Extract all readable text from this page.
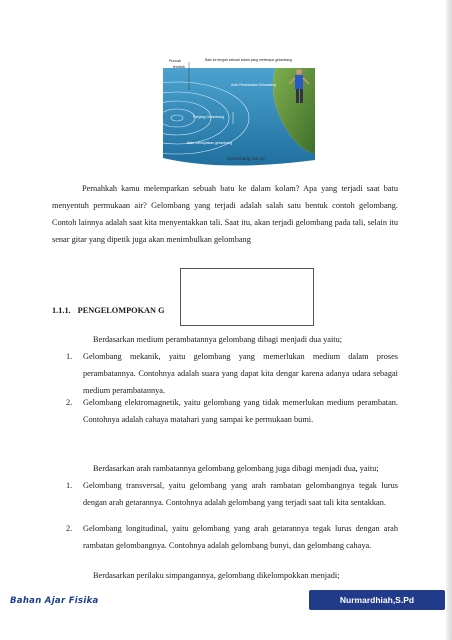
Puncak
lembah
Batu ke tengah sebuah kolam yang melempar gelombang
Arah Perambatan Gelombang
Panjang Gelombang
Batu menciptakan gelombang
Gelombang riak air
Pernahkah kamu melemparkan sebuah batu ke dalam kolam? Apa yang terjadi saat batu menyentuh permukaan air? Gelombang yang terjadi adalah salah satu bentuk contoh gelombang. Contoh lainnya adalah saat kita menyentakkan tali. Saat itu, akan terjadi gelombang pada tali, selain itu senar gitar yang dipetik juga akan menimbulkan gelombang
1.1.1. PENGELOMPOKAN G
Berdasarkan medium perambatannya gelombang dibagi menjadi dua yaitu;
1. Gelombang mekanik, yaitu gelombang yang memerlukan medium dalam proses perambatannya. Contohnya adalah suara yang dapat kita dengar karena adanya udara sebagai medium perambatannya.
2. Gelombang elektromagnetik, yaitu gelombang yang tidak memerlukan medium perambatan. Contohnya adalah cahaya matahari yang sampai ke permukaan bumi.
Berdasarkan arah rambatannya gelombang gelombang juga dibagi menjadi dua, yaitu;
1. Gelombang transversal, yaitu gelombang yang arah rambatan gelombangnya tegak lurus dengan arah getarannya. Contohnya adalah gelombang yang terjadi saat tali kita sentakkan.
2. Gelombang longitudinal, yaitu gelombang yang arah getarannya tegak lurus dengan arah rambatan gelombangnya. Contohnya adalah gelombang bunyi, dan gelombang cahaya.
Berdasarkan perilaku simpangannya, gelombang dikelompokkan menjadi;
Bahan Ajar Fisika	Nurmardhiah,S.Pd
